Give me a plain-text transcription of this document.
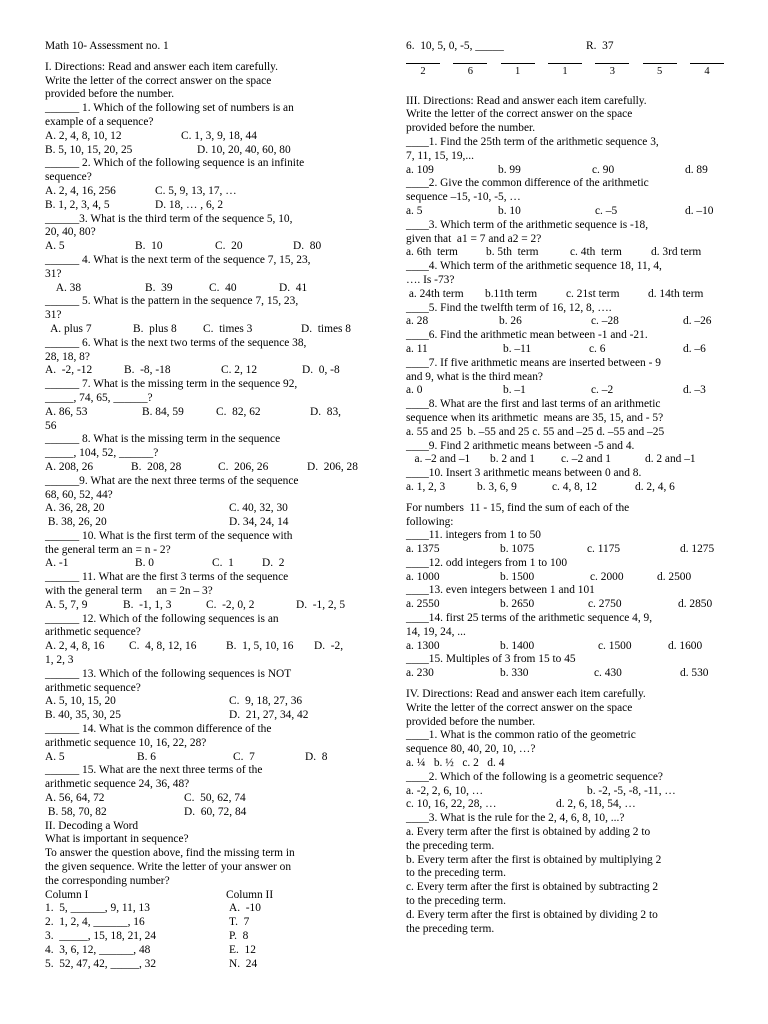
Math 10- Assessment no. 1
I. Directions: Read and answer each item carefully.
Write the letter of the correct answer on the space
provided before the number.
______ 1. Which of the following set of numbers is an
example of a sequence?
A. 2, 4, 8, 10, 12	C. 1, 3, 9, 18, 44
B. 5, 10, 15, 20, 25	D. 10, 20, 40, 60, 80
______ 2. Which of the following sequence is an infinite
sequence?
A. 2, 4, 16, 256	C. 5, 9, 13, 17, …
B. 1, 2, 3, 4, 5	D. 18, … , 6, 2
______3. What is the third term of the sequence 5, 10,
20, 40, 80?
A. 5	B.  10	C.  20	D.  80
______ 4. What is the next term of the sequence 7, 15, 23,
31?
A. 38	B.  39	C.  40	D.  41
______ 5. What is the pattern in the sequence 7, 15, 23,
31?
A. plus 7	B.  plus 8	C.  times 3	D.  times 8
______ 6. What is the next two terms of the sequence 38,
28, 18, 8?
A.  -2, -12	B.  -8, -18	C. 2, 12	D.  0, -8
______ 7. What is the missing term in the sequence 92,
_____, 74, 65, ______?
A. 86, 53	B. 84, 59	C.  82, 62	D.  83,
56
______ 8. What is the missing term in the sequence
_____, 104, 52, ______?
A. 208, 26	B.  208, 28	C.  206, 26	D.  206, 28
______9. What are the next three terms of the sequence
68, 60, 52, 44?
A. 36, 28, 20	C. 40, 32, 30
B. 38, 26, 20	D. 34, 24, 14
______ 10. What is the first term of the sequence with
the general term an = n - 2?
A. -1	B. 0	C.  1	D.  2
______ 11. What are the first 3 terms of the sequence
with the general term     an = 2n – 3?
A. 5, 7, 9	B.  -1, 1, 3	C.  -2, 0, 2	D.  -1, 2, 5
______ 12. Which of the following sequences is an
arithmetic sequence?
A. 2, 4, 8, 16	C.  4, 8, 12, 16	B.  1, 5, 10, 16	D.  -2,
1, 2, 3
______ 13. Which of the following sequences is NOT
arithmetic sequence?
A. 5, 10, 15, 20	C.  9, 18, 27, 36
B. 40, 35, 30, 25	D.  21, 27, 34, 42
______ 14. What is the common difference of the
arithmetic sequence 10, 16, 22, 28?
A. 5	B. 6	C.  7	D.  8
______ 15. What are the next three terms of the
arithmetic sequence 24, 36, 48?
A. 56, 64, 72	C.  50, 62, 74
B. 58, 70, 82	D.  60, 72, 84
II. Decoding a Word
What is important in sequence?
To answer the question above, find the missing term in
the given sequence. Write the letter of your answer on
the corresponding number?
Column I	Column II
1.  5, ______, 9, 11, 13	A.  -10
2.  1, 2, 4, ______, 16	T.  7
3.  _____, 15, 18, 21, 24	P.  8
4.  3, 6, 12, ______, 48	E.  12
5.  52, 47, 42, _____, 32	N.  24
6.  10, 5, 0, -5, _____	R.  37
2	6	1	1	3	5	4
III. Directions: Read and answer each item carefully.
Write the letter of the correct answer on the space
provided before the number.
____1. Find the 25th term of the arithmetic sequence 3,
7, 11, 15, 19,...
a. 109	b. 99	c. 90	d. 89
____2. Give the common difference of the arithmetic
sequence –15, -10, -5, …
a. 5	b. 10	c. –5	d. –10
____3. Which term of the arithmetic sequence is -18,
given that  a1 = 7 and a2 = 2?
a. 6th  term	b. 5th  term	c. 4th  term	d. 3rd term
____4. Which term of the arithmetic sequence 18, 11, 4,
…. Is -73?
a. 24th term	b.11th term	c. 21st term	d. 14th term
____5. Find the twelfth term of 16, 12, 8, ….
a. 28	b. 26	c. –28	d. –26
____6. Find the arithmetic mean between -1 and -21.
a. 11	b. –11	c. 6	d. –6
____7. If five arithmetic means are inserted between - 9
and 9, what is the third mean?
a. 0	b. –1	c. –2	d. –3
____8. What are the first and last terms of an arithmetic
sequence when its arithmetic  means are 35, 15, and - 5?
a. 55 and 25  b. –55 and 25 c. 55 and –25 d. –55 and –25
____9. Find 2 arithmetic means between -5 and 4.
a. –2 and –1	b. 2 and 1	c. –2 and 1	d. 2 and –1
____10. Insert 3 arithmetic means between 0 and 8.
a. 1, 2, 3	b. 3, 6, 9	c. 4, 8, 12	d. 2, 4, 6
For numbers  11 - 15, find the sum of each of the
following:
____11. integers from 1 to 50
a. 1375	b. 1075	c. 1175	d. 1275
____12. odd integers from 1 to 100
a. 1000	b. 1500	c. 2000	d. 2500
____13. even integers between 1 and 101
a. 2550	b. 2650	c. 2750	d. 2850
____14. first 25 terms of the arithmetic sequence 4, 9,
14, 19, 24, ...
a. 1300	b. 1400	c. 1500	d. 1600
____15. Multiples of 3 from 15 to 45
a. 230	b. 330	c. 430	d. 530
IV. Directions: Read and answer each item carefully.
Write the letter of the correct answer on the space
provided before the number.
____1. What is the common ratio of the geometric
sequence 80, 40, 20, 10, …?
a. ¼   b. ½   c. 2   d. 4
____2. Which of the following is a geometric sequence?
a. -2, 2, 6, 10, …	b. -2, -5, -8, -11, …
c. 10, 16, 22, 28, …	d. 2, 6, 18, 54, …
____3. What is the rule for the 2, 4, 6, 8, 10, ...?
a. Every term after the first is obtained by adding 2 to
the preceding term.
b. Every term after the first is obtained by multiplying 2
to the preceding term.
c. Every term after the first is obtained by subtracting 2
to the preceding term.
d. Every term after the first is obtained by dividing 2 to
the preceding term.
